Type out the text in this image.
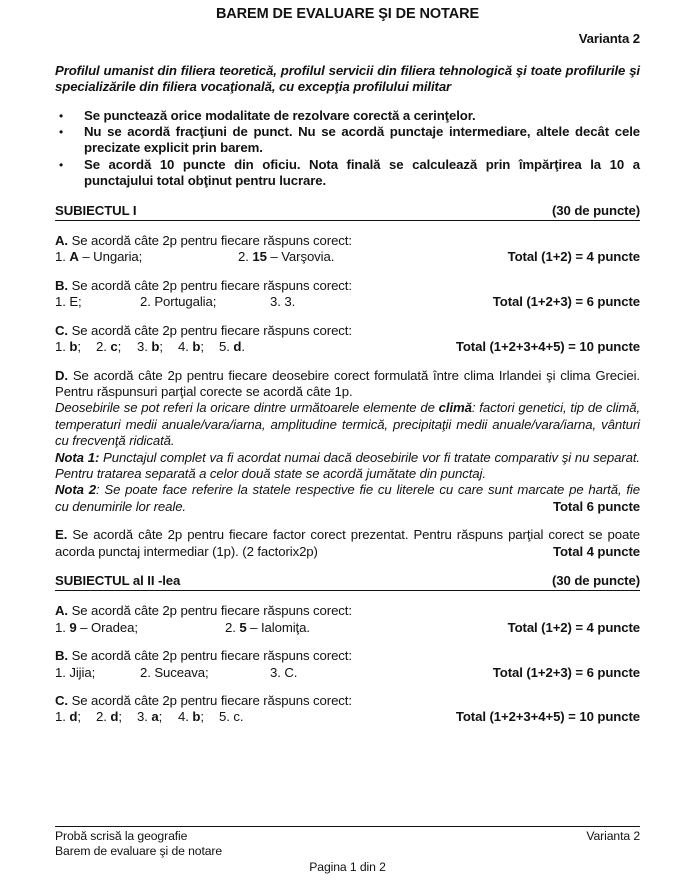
BAREM DE EVALUARE ŞI DE NOTARE

Varianta 2

Profilul umanist din filiera teoretică, profilul servicii din filiera tehnologică şi toate profilurile şi specializările din filiera vocaţională, cu excepţia profilului militar

•	Se punctează orice modalitate de rezolvare corectă a cerinţelor.
•	Nu se acordă fracţiuni de punct. Nu se acordă punctaje intermediare, altele decât cele precizate explicit prin barem.
•	Se acordă 10 puncte din oficiu. Nota finală se calculează prin împărţirea la 10 a punctajului total obţinut pentru lucrare.
SUBIECTUL I	(30 de puncte)

A. Se acordă câte 2p pentru fiecare răspuns corect:

1. A – Ungaria;	2. 15 – Varşovia.	Total (1+2) = 4 puncte

B. Se acordă câte 2p pentru fiecare răspuns corect:

1. E;	2. Portugalia;	3. 3.	Total (1+2+3) = 6 puncte

C. Se acordă câte 2p pentru fiecare răspuns corect:

1. b;	2. c;	3. b;	4. b;	5. d.	Total (1+2+3+4+5) = 10 puncte

D. Se acordă câte 2p pentru fiecare deosebire corect formulată între clima Irlandei şi clima Greciei. Pentru răspunsuri parţial corecte se acordă câte 1p.

Deosebirile se pot referi la oricare dintre următoarele elemente de climă: factori genetici, tip de climă, temperaturi medii anuale/vara/iarna, amplitudine termică, precipitaţii medii anuale/vara/iarna, vânturi cu frecvenţă ridicată.

Nota 1: Punctajul complet va fi acordat numai dacă deosebirile vor fi tratate comparativ şi nu separat. Pentru tratarea separată a celor două state se acordă jumătate din punctaj.

Nota 2: Se poate face referire la statele respective fie cu literele cu care sunt marcate pe hartă, fie

cu denumirile lor reale.	Total 6 puncte

E. Se acordă câte 2p pentru fiecare factor corect prezentat. Pentru răspuns parţial corect se poate

acorda punctaj intermediar (1p). (2 factorix2p)	Total 4 puncte
SUBIECTUL al II -lea	(30 de puncte)

A. Se acordă câte 2p pentru fiecare răspuns corect:

1. 9 – Oradea;	2. 5 – Ialomiţa.	Total (1+2) = 4 puncte

B. Se acordă câte 2p pentru fiecare răspuns corect:

1. Jijia;	2. Suceava;	3. C.	Total (1+2+3) = 6 puncte

C. Se acordă câte 2p pentru fiecare răspuns corect:

1. d;	2. d;	3. a;	4. b;	5. c.	Total (1+2+3+4+5) = 10 puncte
Probă scrisă la geografie	Varianta 2
Barem de evaluare şi de notare
Pagina 1 din 2
